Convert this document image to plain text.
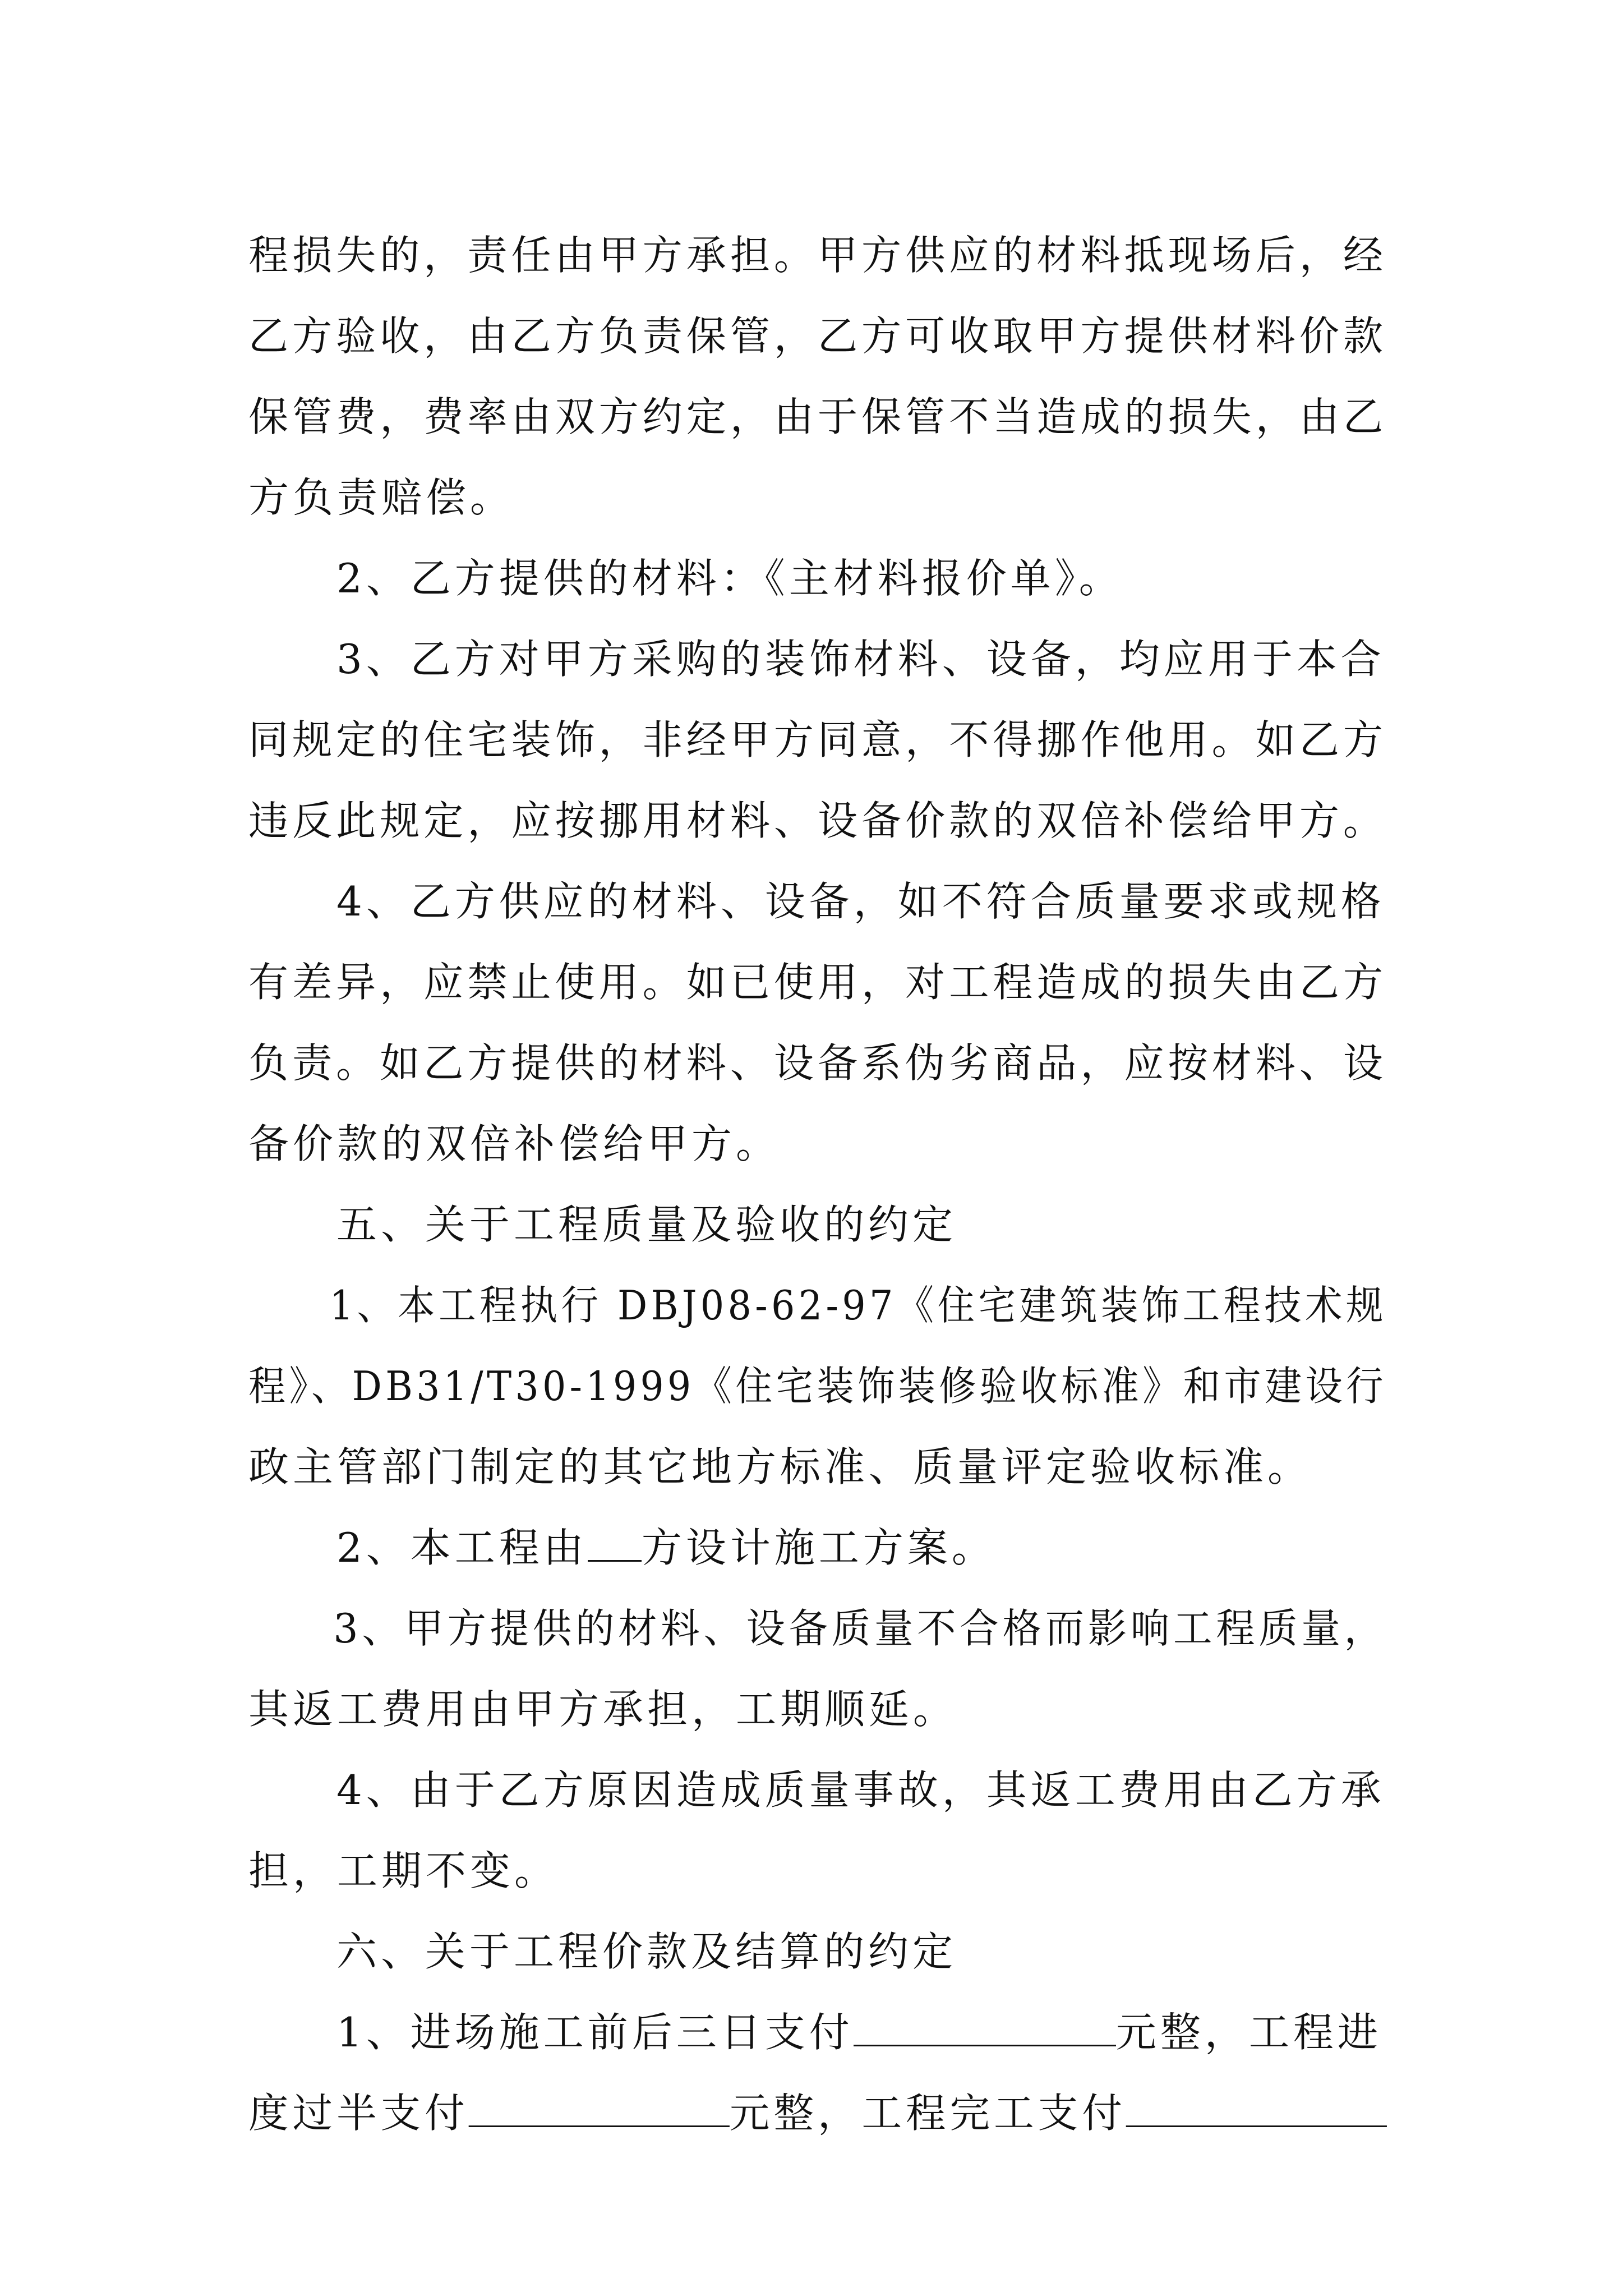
程损失的，责任由甲方承担。甲方供应的材料抵现场后，经
乙方验收，由乙方负责保管，乙方可收取甲方提供材料价款
保管费，费率由双方约定，由于保管不当造成的损失，由乙
方负责赔偿。
2、乙方提供的材料：《主材料报价单》。
3、乙方对甲方采购的装饰材料、设备，均应用于本合
同规定的住宅装饰，非经甲方同意，不得挪作他用。如乙方
违反此规定，应按挪用材料、设备价款的双倍补偿给甲方。
4、乙方供应的材料、设备，如不符合质量要求或规格
有差异，应禁止使用。如已使用，对工程造成的损失由乙方
负责。如乙方提供的材料、设备系伪劣商品，应按材料、设
备价款的双倍补偿给甲方。
五、关于工程质量及验收的约定
1、本工程执行 DBJ08-62-97《住宅建筑装饰工程技术规
程》、DB31/T30-1999《住宅装饰装修验收标准》和市建设行
政主管部门制定的其它地方标准、质量评定验收标准。
2、本工程由 方设计施工方案。
3、甲方提供的材料、设备质量不合格而影响工程质量，
其返工费用由甲方承担，工期顺延。
4、由于乙方原因造成质量事故，其返工费用由乙方承
担，工期不变。
六、关于工程价款及结算的约定
1、进场施工前后三日支付	元整，工程进
度过半支付	元整，工程完工支付
